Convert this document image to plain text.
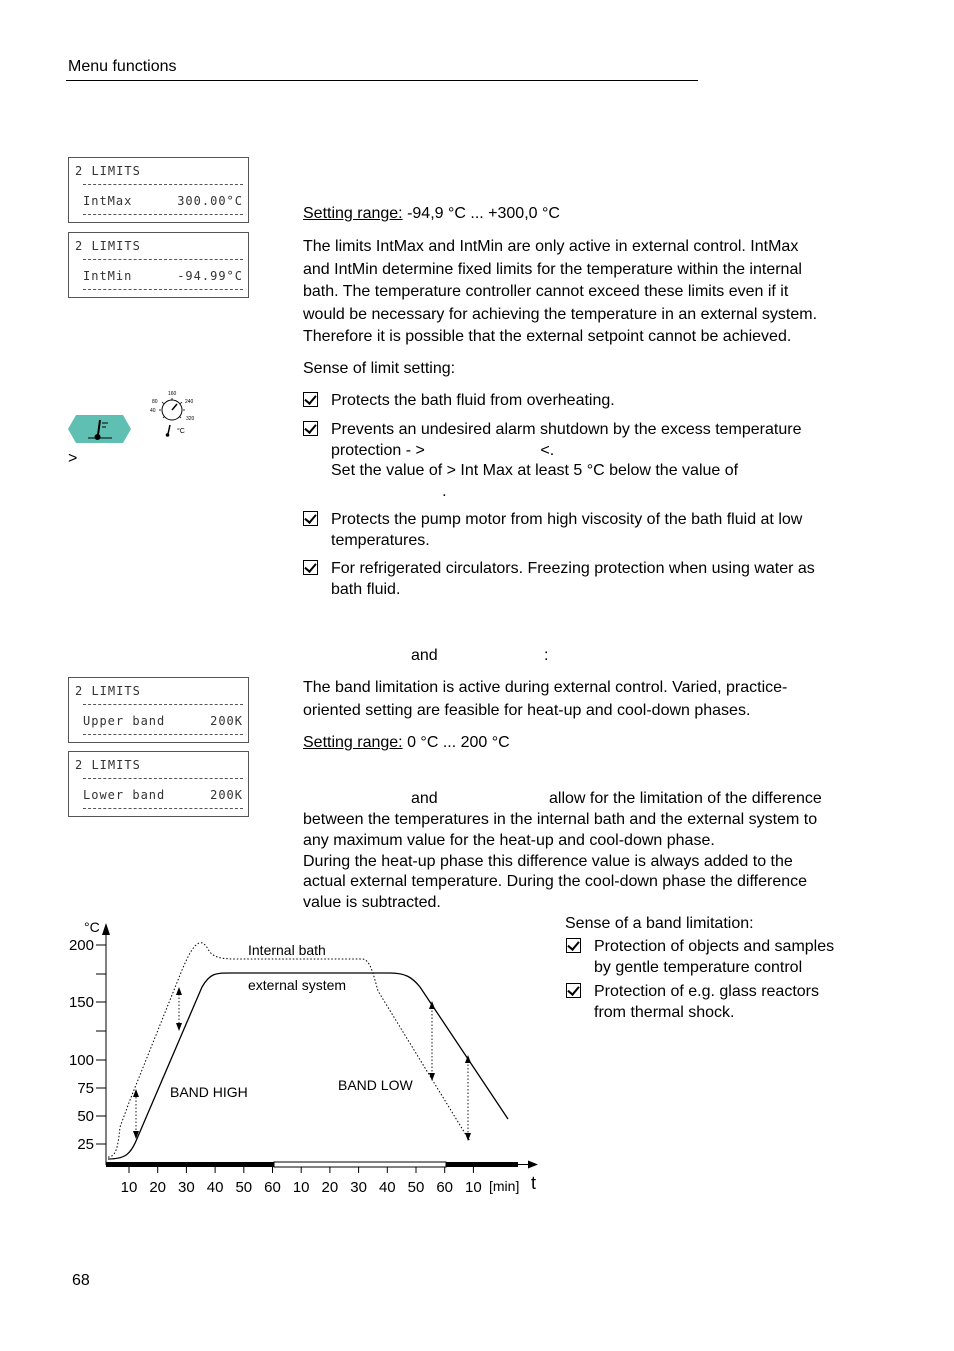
Menu functions
2 LIMITS
IntMax	300.00°C
2 LIMITS
IntMin	-94.99°C
2 LIMITS
Upper band	200K
2 LIMITS
Lower band	200K
160
80	240
40
320
°C
>
Setting range: -94,9 °C ... +300,0 °C
The limits IntMax and IntMin are only active in external control. IntMax
and IntMin determine fixed limits for the temperature within the internal
bath. The temperature controller cannot exceed these limits even if it
would be necessary for achieving the temperature in an external system.
Therefore it is possible that the external setpoint cannot be achieved.
Sense of limit setting:
Protects the bath fluid from overheating.
Prevents an undesired alarm shutdown by the excess temperature
protection - >                          <.
Set the value of > Int Max at least 5 °C below the value of
.
Protects the pump motor from high viscosity of the bath fluid at low
temperatures.
For refrigerated circulators. Freezing protection when using water as
bath fluid.
and	:
The band limitation is active during external control. Varied, practice-
oriented setting are feasible for heat-up and cool-down phases.
Setting range: 0 °C ... 200 °C
and	allow for the limitation of the difference
between the temperatures in the internal bath and the external system to
any maximum value for the heat-up and cool-down phase.
During the heat-up phase this difference value is always added to the
actual external temperature. During the cool-down phase the difference
value is subtracted.
Sense of a band limitation:
Protection of objects and samples
by gentle temperature control
Protection of e.g. glass reactors
from thermal shock.
°C
t
[min]
200
150
100
75
50
25
10 20 30 40 50 60 10 20 30 40 50 60 10
Internal bath
external system
BAND HIGH	BAND LOW
68
